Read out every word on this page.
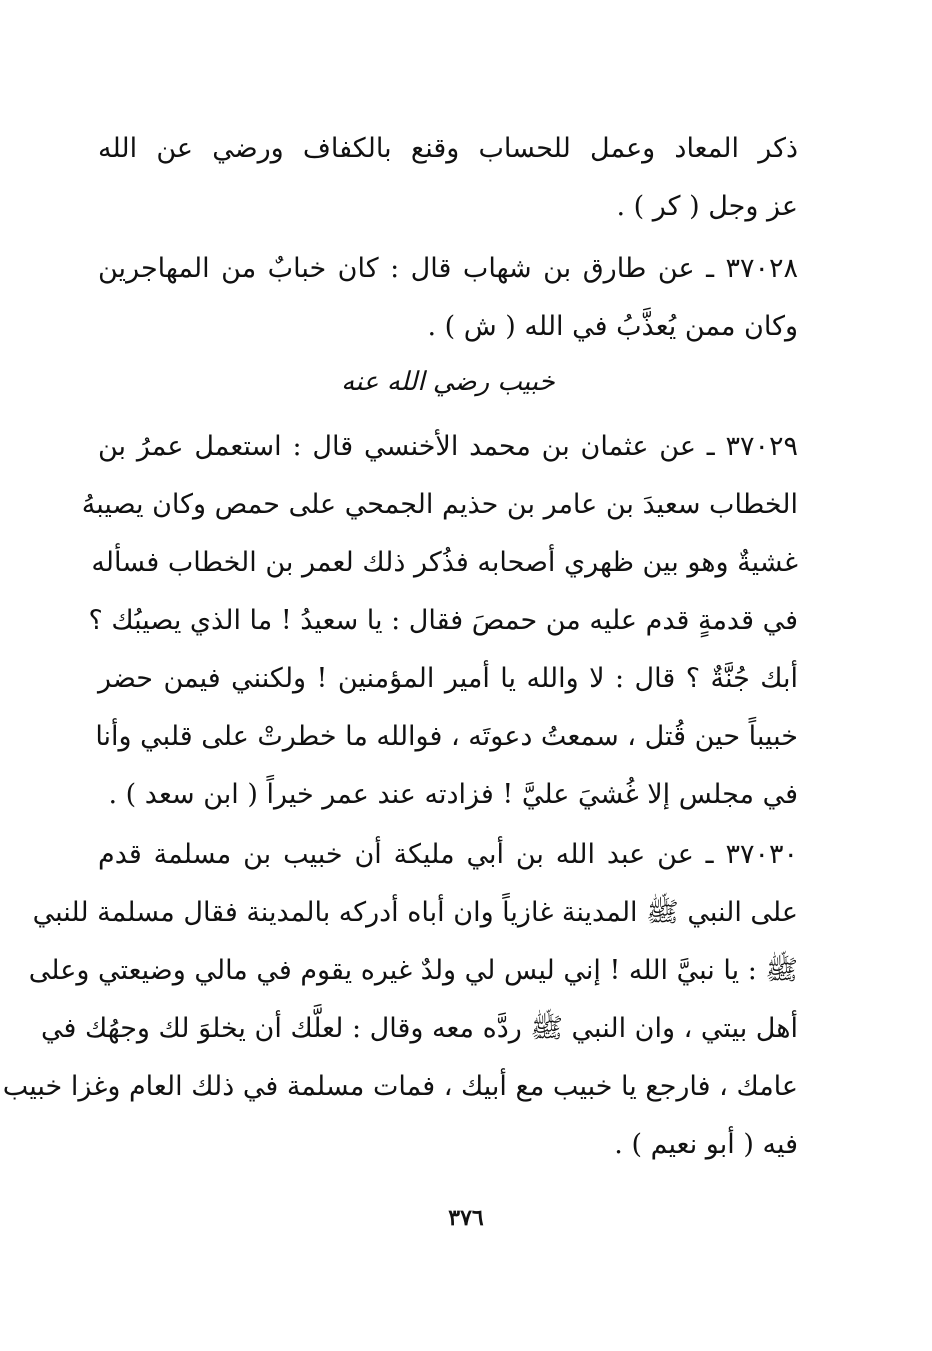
ذكر المعاد وعمل للحساب وقنع بالكفاف ورضي عن الله
عز وجل ( كر ) .
٣٧٠٢٨ ـ عن طارق بن شهاب قال : كان خبابٌ من المهاجرين
وكان ممن يُعذَّبُ في الله ( ش ) .
خبيب رضي الله عنه
٣٧٠٢٩ ـ عن عثمان بن محمد الأخنسي قال : استعمل عمرُ بن
الخطاب سعيدَ بن عامر بن حذيم الجمحي على حمص وكان يصيبهُ
غشيةٌ وهو بين ظهري أصحابه فذُكر ذلك لعمر بن الخطاب فسأله
في قدمةٍ قدم عليه من حمصَ فقال : يا سعيدُ ! ما الذي يصيبُك ؟
أبك جُنَّةٌ ؟ قال : لا والله يا أمير المؤمنين ! ولكنني فيمن حضر
خبيباً حين قُتل ، سمعتُ دعوتَه ، فوالله ما خطرتْ على قلبي وأنا
في مجلس إلا غُشيَ عليَّ ! فزادته عند عمر خيراً ( ابن سعد ) .
٣٧٠٣٠ ـ عن عبد الله بن أبي مليكة أن خبيب بن مسلمة قدم
على النبي ﷺ المدينة غازياً وان أباه أدركه بالمدينة فقال مسلمة للنبي
ﷺ : يا نبيَّ الله ! إني ليس لي ولدٌ غيره يقوم في مالي وضيعتي وعلى
أهل بيتي ، وان النبي ﷺ ردَّه معه وقال : لعلَّك أن يخلوَ لك وجهُك في
عامك ، فارجع يا خبيب مع أبيك ، فمات مسلمة في ذلك العام وغزا خبيب
فيه ( أبو نعيم ) .
٣٧٦
